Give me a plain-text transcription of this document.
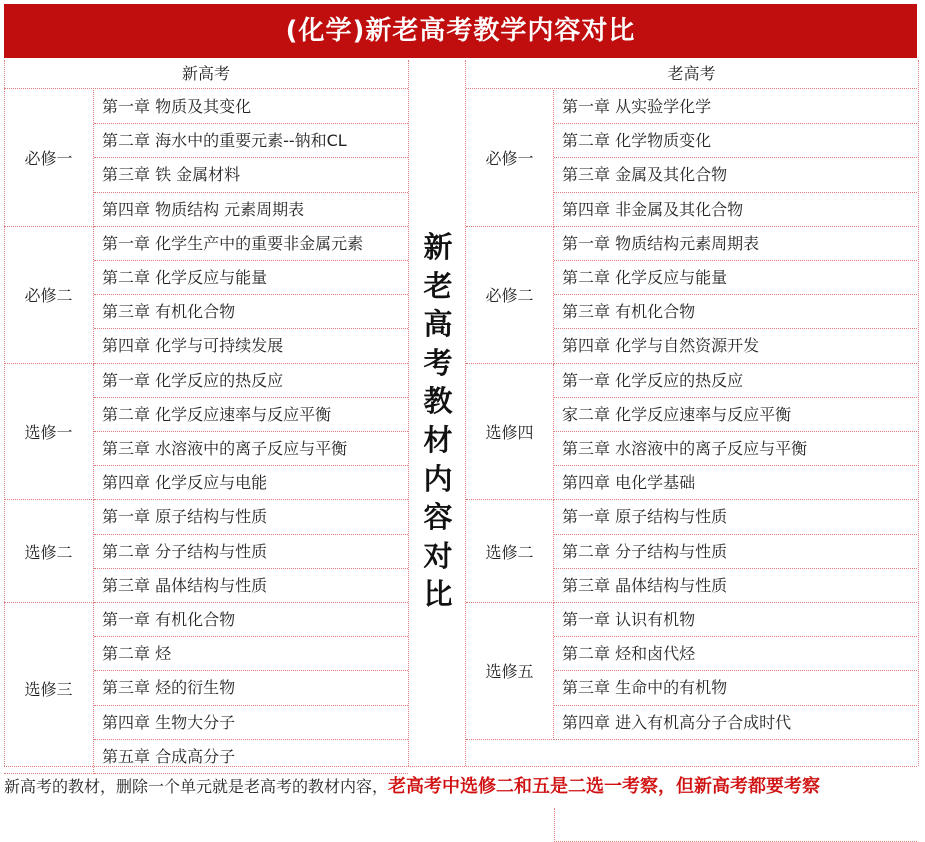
(化学)新老高考教学内容对比
新高考	老高考
必修一
第一章 物质及其变化
第二章 海水中的重要元素--钠和CL
第三章 铁 金属材料
第四章 物质结构 元素周期表
必修二
第一章 化学生产中的重要非金属元素
第二章 化学反应与能量
第三章 有机化合物
第四章 化学与可持续发展
选修一
第一章 化学反应的热反应
第二章 化学反应速率与反应平衡
第三章 水溶液中的离子反应与平衡
第四章 化学反应与电能
选修二
第一章 原子结构与性质
第二章 分子结构与性质
第三章 晶体结构与性质
选修三
第一章 有机化合物
第二章 烃
第三章 烃的衍生物
第四章 生物大分子
第五章 合成高分子
必修一
第一章 从实验学化学
第二章 化学物质变化
第三章 金属及其化合物
第四章 非金属及其化合物
必修二
第一章 物质结构元素周期表
第二章 化学反应与能量
第三章 有机化合物
第四章 化学与自然资源开发
选修四
第一章 化学反应的热反应
家二章 化学反应速率与反应平衡
第三章 水溶液中的离子反应与平衡
第四章 电化学基础
选修二
第一章 原子结构与性质
第二章 分子结构与性质
第三章 晶体结构与性质
选修五
第一章 认识有机物
第二章 烃和卤代烃
第三章 生命中的有机物
第四章 进入有机高分子合成时代
新
老
高
考
教
材
内
容
对
比
新高考的教材，删除一个单元就是老高考的教材内容，老高考中选修二和五是二选一考察，但新高考都要考察
